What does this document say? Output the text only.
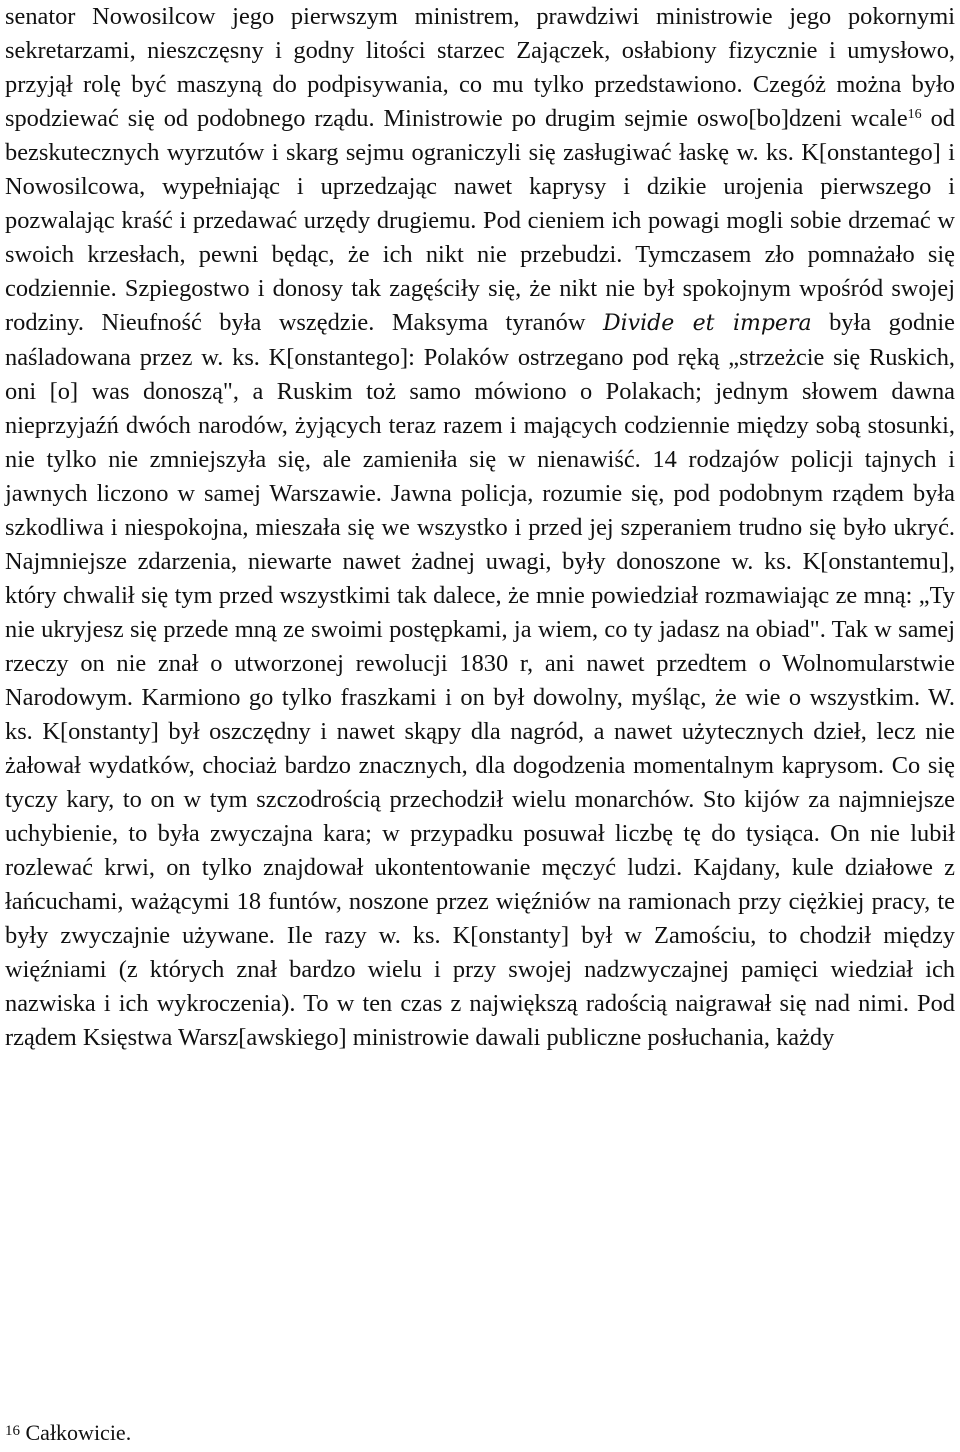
senator Nowosilcow jego pierwszym ministrem, prawdziwi ministrowie jego pokornymi sekretarzami, nieszczęsny i godny litości starzec Zajączek, osłabiony fizycznie i umysłowo, przyjął rolę być maszyną do podpisywania, co mu tylko przedstawiono. Czegóż można było spodziewać się od podobnego rządu. Ministrowie po drugim sejmie oswo[bo]dzeni wcale$^{16}$ od bezskutecznych wyrzutów i skarg sejmu ograniczyli się zasługiwać łaskę w. ks. K[onstantego] i Nowosilcowa, wypełniając i uprzedzając nawet kaprysy i dzikie urojenia pierwszego i pozwalając kraść i przedawać urzędy drugiemu. Pod cieniem ich powagi mogli sobie drzemać w swoich krzesłach, pewni będąc, że ich nikt nie przebudzi. Tymczasem zło pomnażało się codziennie. Szpiegostwo i donosy tak zagęściły się, że nikt nie był spokojnym wpośród swojej rodziny. Nieufność była wszędzie. Maksyma tyranów Divide et impera była godnie naśladowana przez w. ks. K[onstantego]: Polaków ostrzegano pod ręką „strzeżcie się Ruskich, oni [o] was donoszą", a Ruskim toż samo mówiono o Polakach; jednym słowem dawna nieprzyjaźń dwóch narodów, żyjących teraz razem i mających codziennie między sobą stosunki, nie tylko nie zmniejszyła się, ale zamieniła się w nienawiść. 14 rodzajów policji tajnych i jawnych liczono w samej Warszawie. Jawna policja, rozumie się, pod podobnym rządem była szkodliwa i niespokojna, mieszała się we wszystko i przed jej szperaniem trudno się było ukryć. Najmniejsze zdarzenia, niewarte nawet żadnej uwagi, były donoszone w. ks. K[onstantemu], który chwalił się tym przed wszystkimi tak dalece, że mnie powiedział rozmawiając ze mną: „Ty nie ukryjesz się przede mną ze swoimi postępkami, ja wiem, co ty jadasz na obiad". Tak w samej rzeczy on nie znał o utworzonej rewolucji 1830 r, ani nawet przedtem o Wolnomularstwie Narodowym. Karmiono go tylko fraszkami i on był dowolny, myśląc, że wie o wszystkim. W. ks. K[onstanty] był oszczędny i nawet skąpy dla nagród, a nawet użytecznych dzieł, lecz nie żałował wydatków, chociaż bardzo znacznych, dla dogodzenia momentalnym kaprysom. Co się tyczy kary, to on w tym szczodrością przechodził wielu monarchów. Sto kijów za najmniejsze uchybienie, to była zwyczajna kara; w przypadku posuwał liczbę tę do tysiąca. On nie lubił rozlewać krwi, on tylko znajdował ukontentowanie męczyć ludzi. Kajdany, kule działowe z łańcuchami, ważącymi 18 funtów, noszone przez więźniów na ramionach przy ciężkiej pracy, te były zwyczajnie używane. Ile razy w. ks. K[onstanty] był w Zamościu, to chodził między więźniami (z których znał bardzo wielu i przy swojej nadzwyczajnej pamięci wiedział ich nazwiska i ich wykroczenia). To w ten czas z największą radością naigrawał się nad nimi. Pod rządem Księstwa Warsz[awskiego] ministrowie dawali publiczne posłuchania, każdy

$^{16}$ Całkowicie.
